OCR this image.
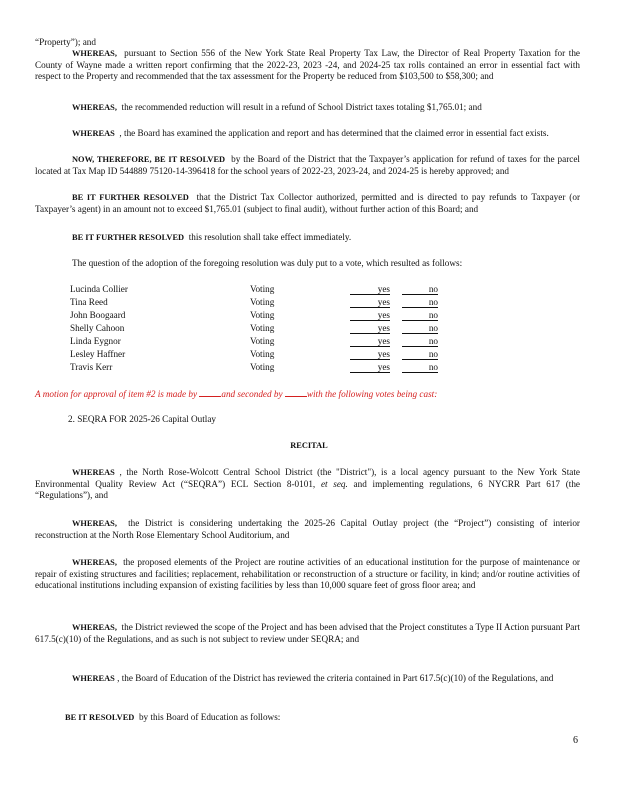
“Property”); and
WHEREAS, pursuant to Section 556 of the New York State Real Property Tax Law, the Director of Real Property Taxation for the County of Wayne made a written report confirming that the 2022-23, 2023 -24, and 2024-25 tax rolls contained an error in essential fact with respect to the Property and recommended that the tax assessment for the Property be reduced from $103,500 to $58,300; and
WHEREAS, the recommended reduction will result in a refund of School District taxes totaling $1,765.01; and
WHEREAS , the Board has examined the application and report and has determined that the claimed error in essential fact exists.
NOW, THEREFORE, BE IT RESOLVED by the Board of the District that the Taxpayer’s application for refund of taxes for the parcel located at Tax Map ID 544889 75120-14-396418 for the school years of 2022-23, 2023-24, and 2024-25 is hereby approved; and
BE IT FURTHER RESOLVED that the District Tax Collector authorized, permitted and is directed to pay refunds to Taxpayer (or Taxpayer’s agent) in an amount not to exceed $1,765.01 (subject to final audit), without further action of this Board; and
BE IT FURTHER RESOLVED this resolution shall take effect immediately.
The question of the adoption of the foregoing resolution was duly put to a vote, which resulted as follows:
Lucinda Collier	Voting	yes	no
Tina Reed	Voting	yes	no
John Boogaard	Voting	yes	no
Shelly Cahoon	Voting	yes	no
Linda Eygnor	Voting	yes	no
Lesley Haffner	Voting	yes	no
Travis Kerr	Voting	yes	no
A motion for approval of item #2 is made by	and seconded by	with the following votes being cast:
2. SEQRA FOR 2025-26 Capital Outlay
RECITAL
WHEREAS , the North Rose-Wolcott Central School District (the "District"), is a local agency pursuant to the New York State Environmental Quality Review Act (“SEQRA”) ECL Section 8-0101, et seq. and implementing regulations, 6 NYCRR Part 617 (the “Regulations”), and
WHEREAS, the District is considering undertaking the 2025-26 Capital Outlay project (the “Project”) consisting of interior reconstruction at the North Rose Elementary School Auditorium, and
WHEREAS, the proposed elements of the Project are routine activities of an educational institution for the purpose of maintenance or repair of existing structures and facilities; replacement, rehabilitation or reconstruction of a structure or facility, in kind; and/or routine activities of educational institutions including expansion of existing facilities by less than 10,000 square feet of gross floor area; and
WHEREAS, the District reviewed the scope of the Project and has been advised that the Project constitutes a Type II Action pursuant Part 617.5(c)(10) of the Regulations, and as such is not subject to review under SEQRA; and
WHEREAS , the Board of Education of the District has reviewed the criteria contained in Part 617.5(c)(10) of the Regulations, and
BE IT RESOLVED by this Board of Education as follows:
6
